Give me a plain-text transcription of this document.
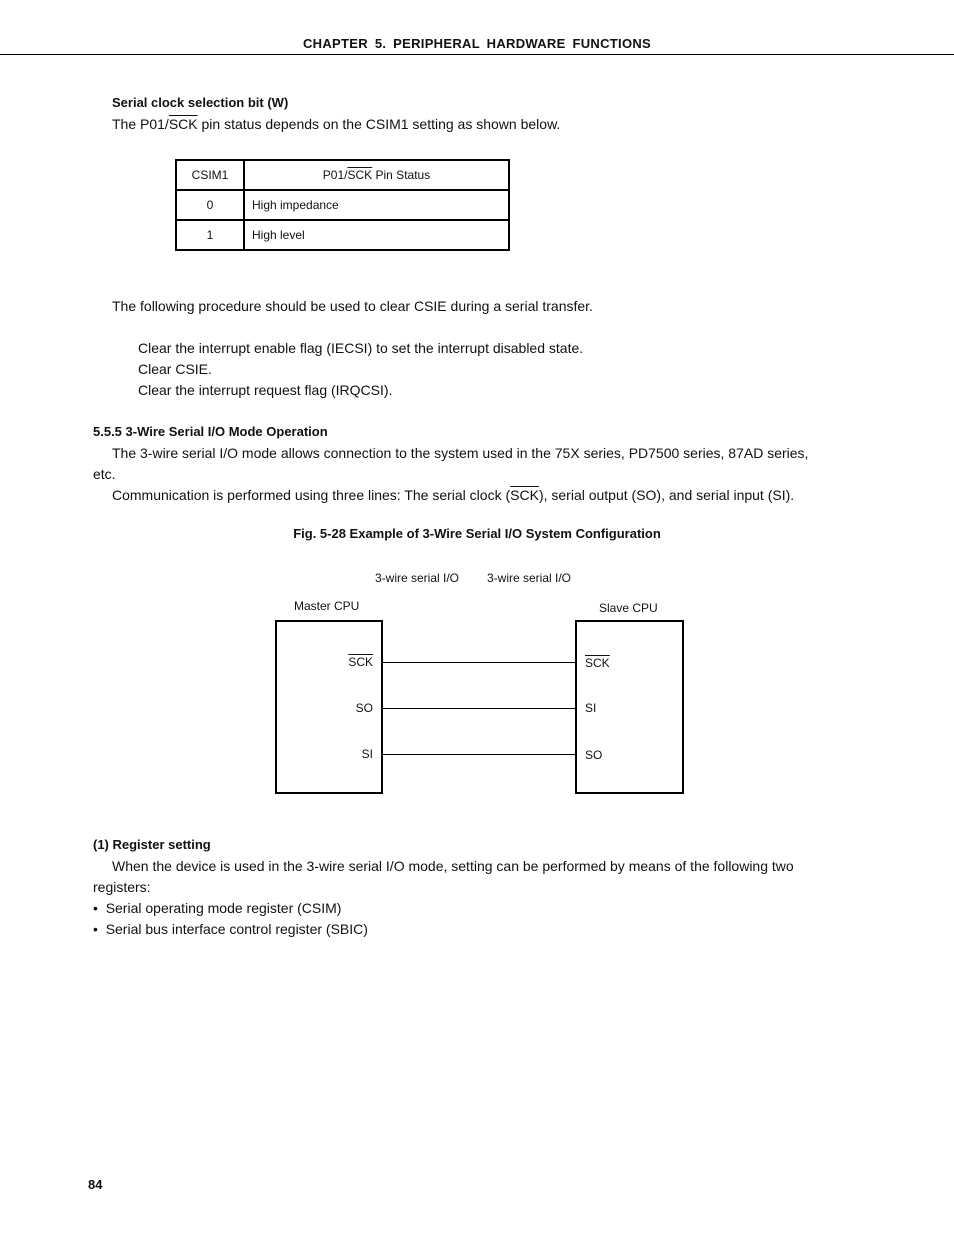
CHAPTER 5. PERIPHERAL HARDWARE FUNCTIONS
Serial clock selection bit (W)
The $P01/\overline{SCK}$ pin status depends on the CSIM1 setting as shown below.
CSIM1	$P01/\overline{SCK}$ Pin Status
0	High impedance
1	High level
The following procedure should be used to clear CSIE during a serial transfer.
Clear the interrupt enable flag (IECSI) to set the interrupt disabled state.
Clear CSIE.
Clear the interrupt request flag (IRQCSI).
5.5.5 3-Wire Serial I/O Mode Operation
The 3-wire serial I/O mode allows connection to the system used in the 75X series, PD7500 series, 87AD series,
etc.
Communication is performed using three lines: The serial clock $(\overline{SCK})$, serial output (SO), and serial input (SI).
Fig. 5-28 Example of 3-Wire Serial I/O System Configuration
3-wire serial I/O 3-wire serial I/O
Master CPU	Slave CPU
$\overline{SCK}$
SO
SI
$\overline{SCK}$
SI
SO
(1) Register setting
When the device is used in the 3-wire serial I/O mode, setting can be performed by means of the following two
registers:
•  Serial operating mode register (CSIM)
•  Serial bus interface control register (SBIC)
84
